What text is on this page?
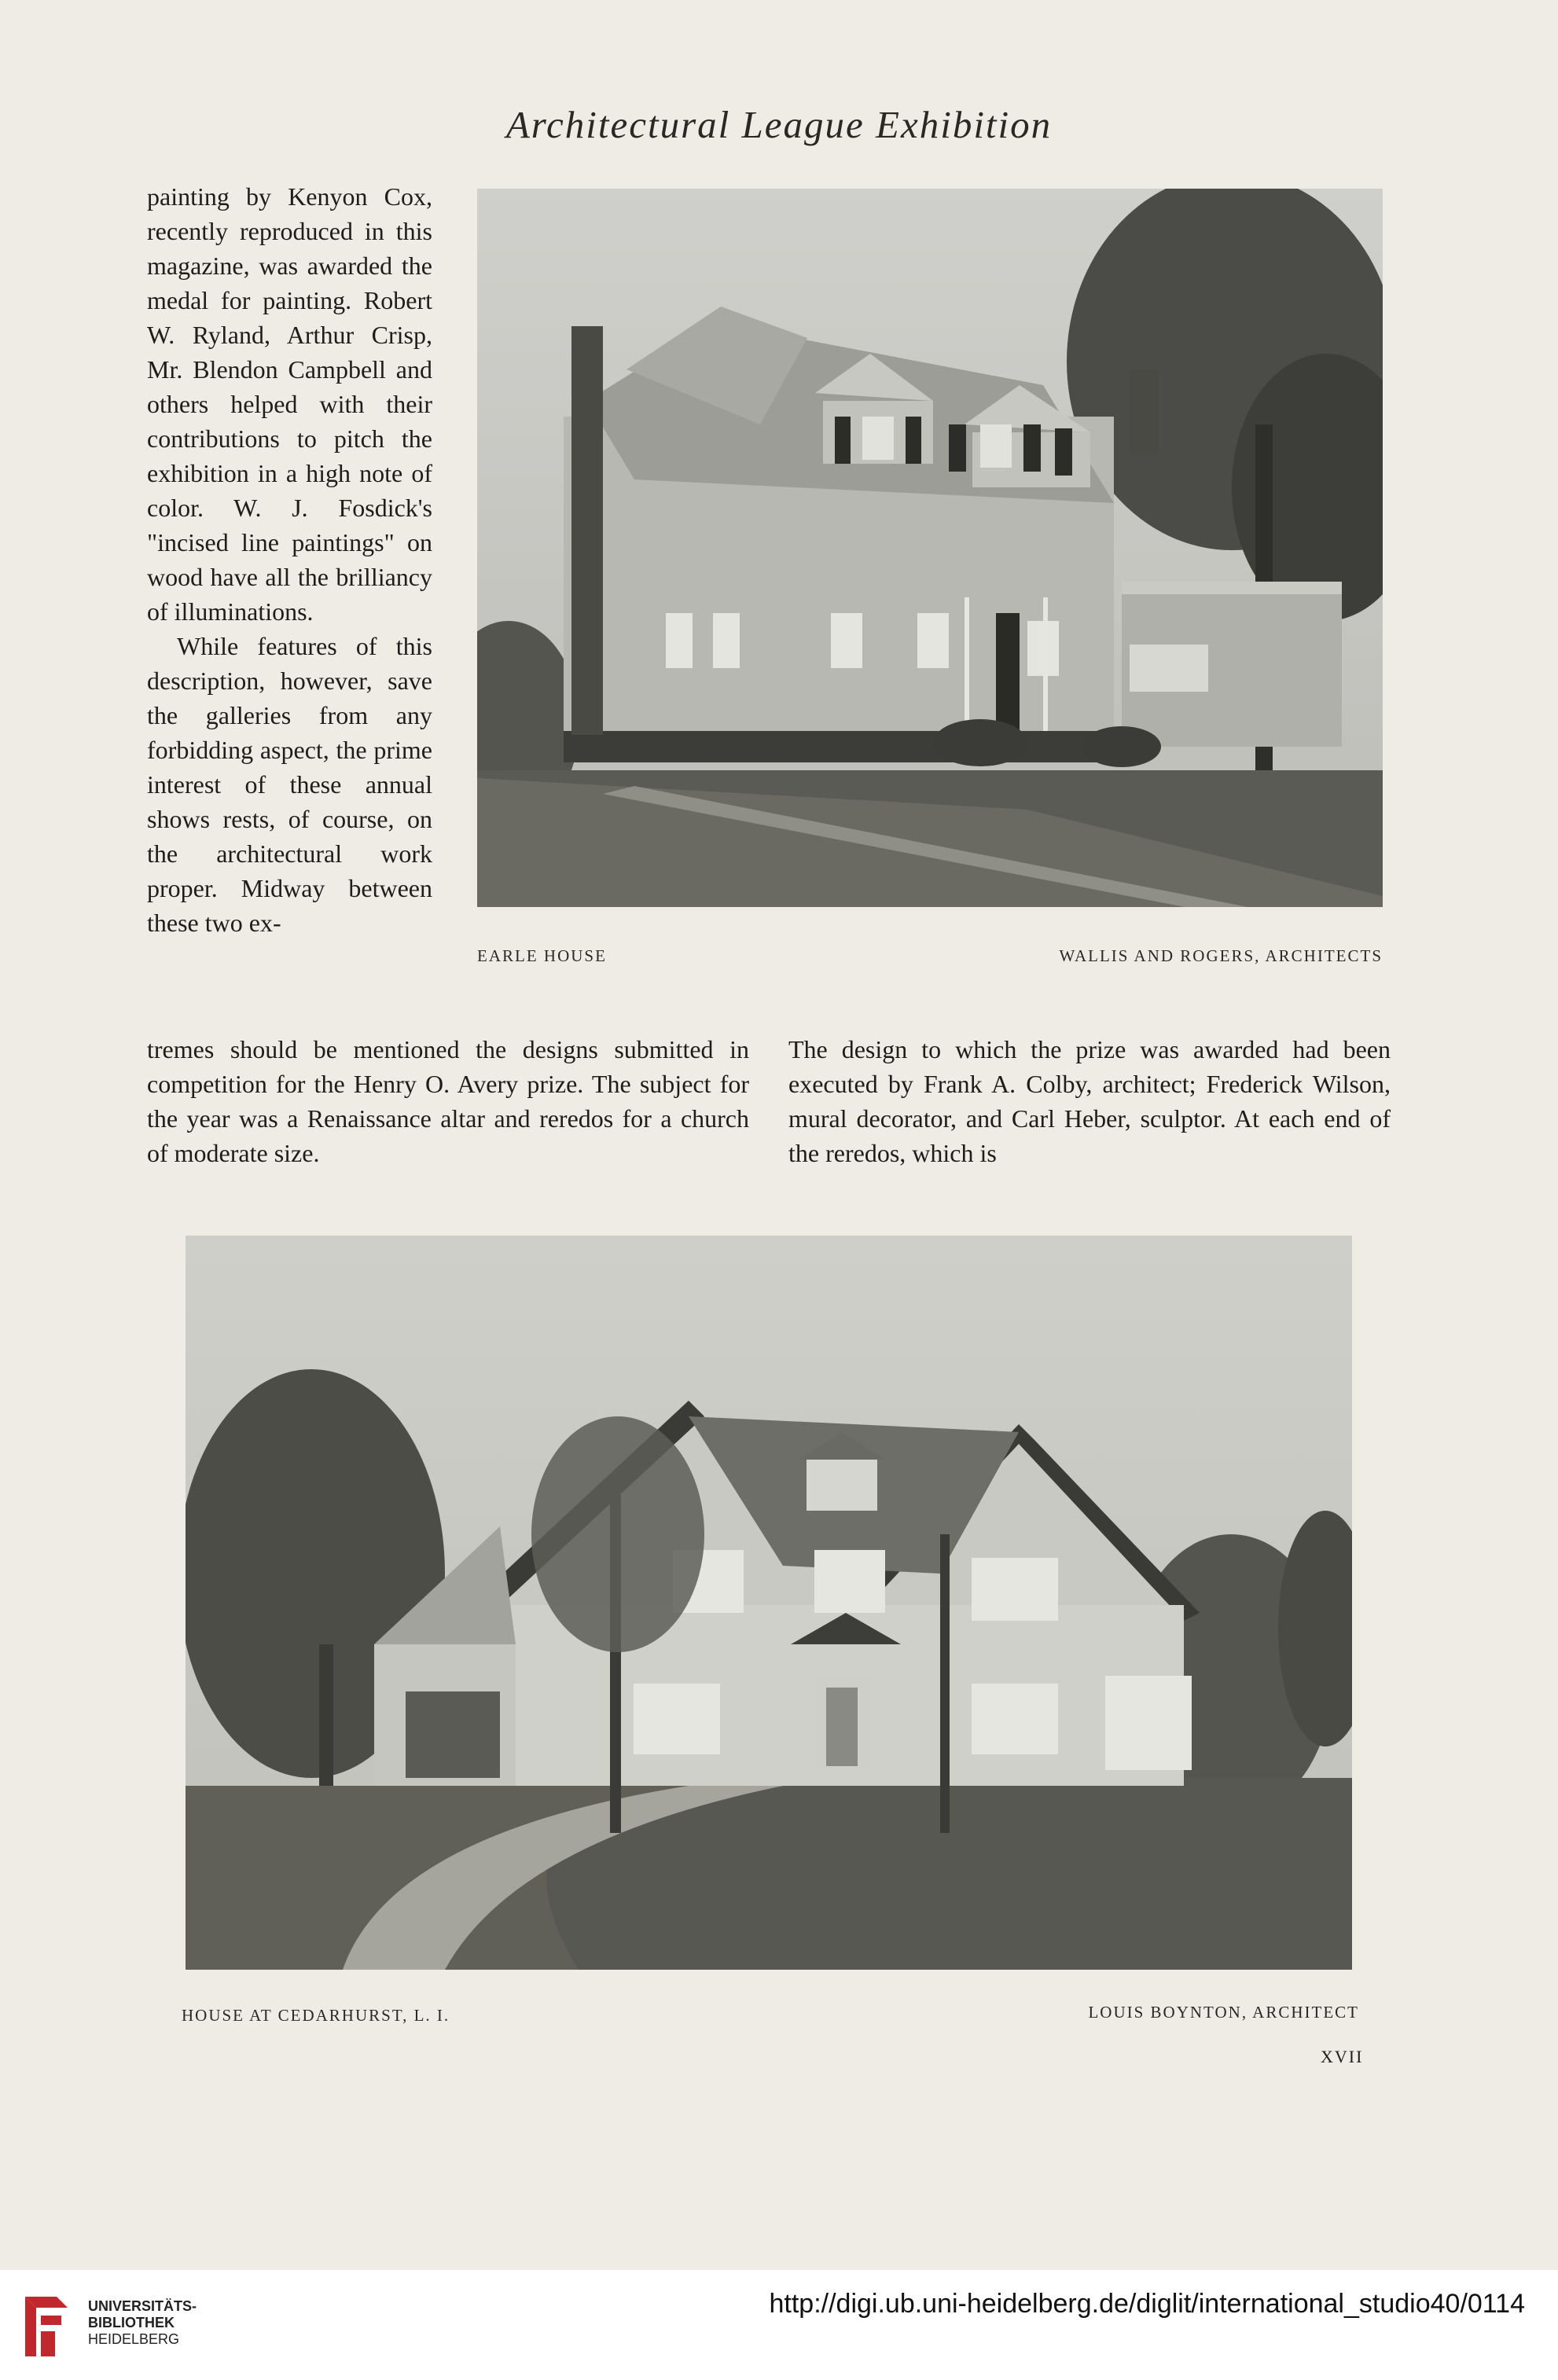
Architectural League Exhibition

painting by Kenyon Cox, recently reproduced in this magazine, was awarded the medal for painting. Robert W. Ryland, Arthur Crisp, Mr. Blendon Campbell and others helped with their contributions to pitch the exhibition in a high note of color. W. J. Fosdick's "incised line paintings" on wood have all the brilliancy of illuminations.

While features of this description, however, save the galleries from any forbidding aspect, the prime interest of these annual shows rests, of course, on the architectural work proper. Midway between these two ex-

EARLE HOUSE	WALLIS AND ROGERS, ARCHITECTS
tremes should be mentioned the designs submitted in competition for the Henry O. Avery prize. The subject for the year was a Renaissance altar and reredos for a church of moderate size.
The design to which the prize was awarded had been executed by Frank A. Colby, architect; Frederick Wilson, mural decorator, and Carl Heber, sculptor. At each end of the reredos, which is
HOUSE AT CEDARHURST, L. I.	LOUIS BOYNTON, ARCHITECT
XVII
UNIVERSITÄTS-
BIBLIOTHEK
HEIDELBERG
http://digi.ub.uni-heidelberg.de/diglit/international_studio40/0114
